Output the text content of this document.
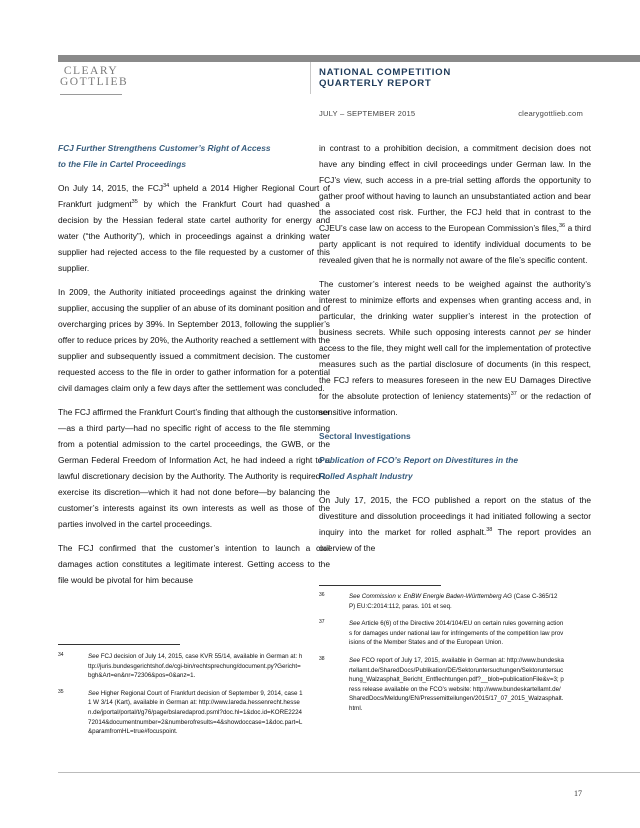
CLEARY
GOTTLIEB
NATIONAL COMPETITION
QUARTERLY REPORT
JULY – SEPTEMBER 2015	clearygottlieb.com

FCJ Further Strengthens Customer’s Right of Access
to the File in Cartel Proceedings

On July 14, 2015, the FCJ$^{34}$ upheld a 2014 Higher Regional Court of Frankfurt judgment$^{35}$ by which the Frankfurt Court had quashed a decision by the Hessian federal state cartel authority for energy and water (“the Authority”), which in proceedings against a drinking water supplier had rejected access to the file requested by a customer of this supplier.

In 2009, the Authority initiated proceedings against the drinking water supplier, accusing the supplier of an abuse of its dominant position and of overcharging prices by 39%. In September 2013, following the supplier’s offer to reduce prices by 20%, the Authority reached a settlement with the supplier and subsequently issued a commitment decision. The customer requested access to the file in order to gather information for a potential civil damages claim only a few days after the settlement was concluded.

The FCJ affirmed the Frankfurt Court’s finding that although the customer—as a third party—had no specific right of access to the file stemming from a potential admission to the cartel proceedings, the GWB, or the German Federal Freedom of Information Act, he had indeed a right to a lawful discretionary decision by the Authority. The Authority is required to exercise its discretion—which it had not done before—by balancing the customer’s interests against its own interests as well as those of the parties involved in the cartel proceedings.

The FCJ confirmed that the customer’s intention to launch a civil damages action constitutes a legitimate interest. Getting access to the file would be pivotal for him because

in contrast to a prohibition decision, a commitment decision does not have any binding effect in civil proceedings under German law. In the FCJ’s view, such access in a pre-trial setting affords the opportunity to gather proof without having to launch an unsubstantiated action and bear the associated cost risk. Further, the FCJ held that in contrast to the CJEU’s case law on access to the European Commission’s files,$^{36}$ a third party applicant is not required to identify individual documents to be revealed given that he is normally not aware of the file’s specific content.

The customer’s interest needs to be weighed against the authority’s interest to minimize efforts and expenses when granting access and, in particular, the drinking water supplier’s interest in the protection of business secrets. While such opposing interests cannot per se hinder access to the file, they might well call for the implementation of protective measures such as the partial disclosure of documents (in this respect, the FCJ refers to measures foreseen in the new EU Damages Directive for the absolute protection of leniency statements)$^{37}$ or the redaction of sensitive information.

Sectoral Investigations

Publication of FCO’s Report on Divestitures in the
Rolled Asphalt Industry

On July 17, 2015, the FCO published a report on the status of the divestiture and dissolution proceedings it had initiated following a sector inquiry into the market for rolled asphalt.$^{38}$ The report provides an overview of the

34	See FCJ decision of July 14, 2015, case KVR 55/14, available in German at: http://juris.bundesgerichtshof.de/cgi-bin/rechtsprechung/document.py?Gericht=bgh&Art=en&nr=72306&pos=0&anz=1.
35	See Higher Regional Court of Frankfurt decision of September 9, 2014, case 11 W 3/14 (Kart), available in German at: http://www.lareda.hessenrecht.hessen.de/jportal/portal/t/g76/page/bslaredaprod.psml?doc.hl=1&doc.id=KORE222472014&documentnumber=2&numberofresults=4&showdoccase=1&doc.part=L&paramfromHL=true#focuspoint.
36	See Commission v. EnBW Energie Baden-Württemberg AG (Case C-365/12 P) EU:C:2014:112, paras. 101 et seq.
37	See Article 6(6) of the Directive 2014/104/EU on certain rules governing actions for damages under national law for infringements of the competition law provisions of the Member States and of the European Union.
38	See FCO report of July 17, 2015, available in German at: http://www.bundeskartellamt.de/SharedDocs/Publikation/DE/Sektoruntersuchungen/Sektoruntersuchung_Walzasphalt_Bericht_Entflechtungen.pdf?__blob=publicationFile&v=3; press release available on the FCO’s website: http://www.bundeskartellamt.de/SharedDocs/Meldung/EN/Pressemitteilungen/2015/17_07_2015_Walzasphalt.html.
17
